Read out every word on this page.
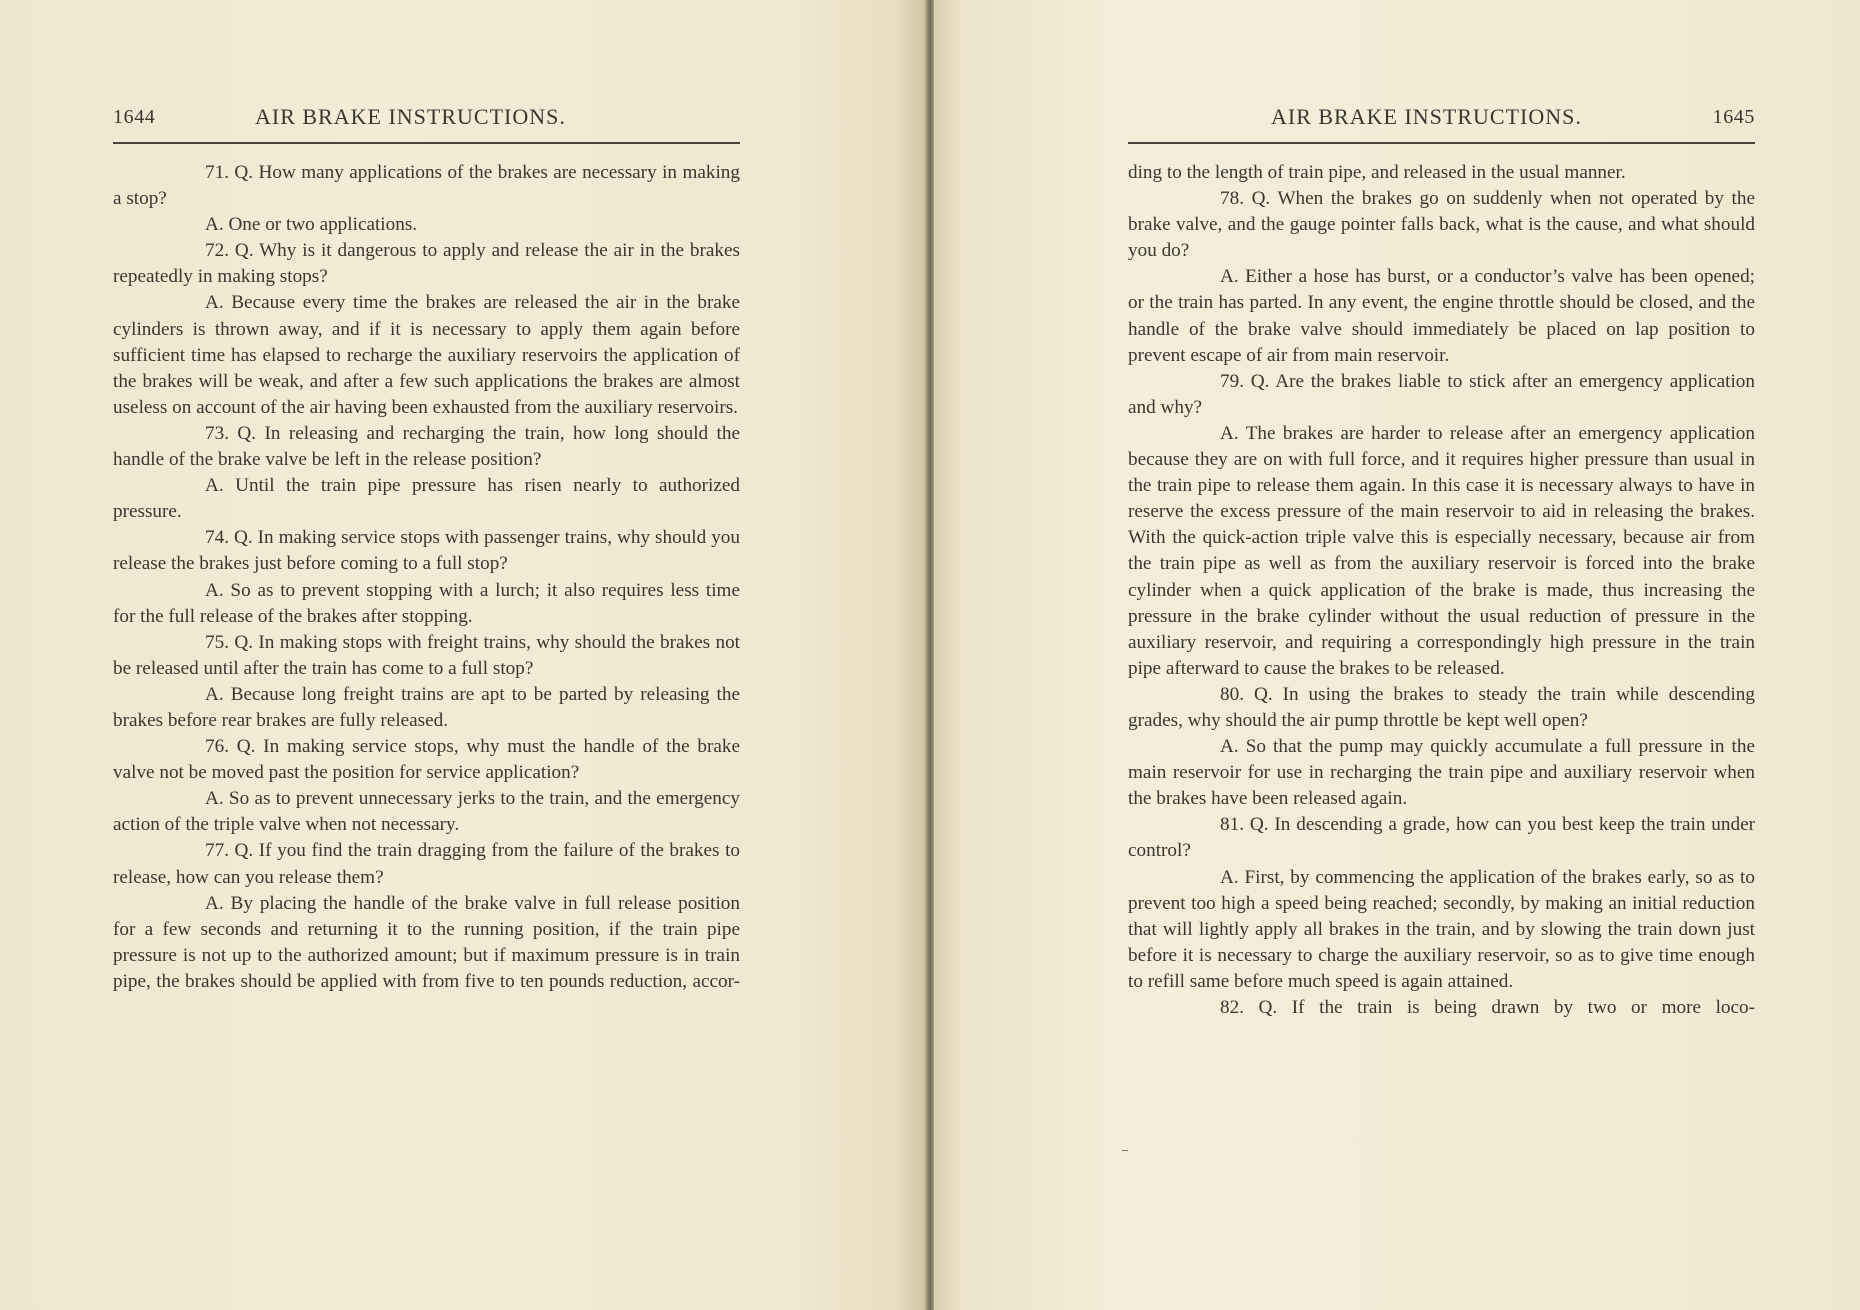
1644	AIR BRAKE INSTRUCTIONS.

71. Q. How many applications of the brakes are necessary in making a stop?

A. One or two applications.

72. Q. Why is it dangerous to apply and release the air in the brakes repeatedly in making stops?

A. Because every time the brakes are released the air in the brake cylinders is thrown away, and if it is necessary to apply them again before sufficient time has elapsed to recharge the auxiliary reservoirs the application of the brakes will be weak, and after a few such applications the brakes are almost useless on account of the air having been exhausted from the auxiliary reservoirs.

73. Q. In releasing and recharging the train, how long should the handle of the brake valve be left in the release position?

A. Until the train pipe pressure has risen nearly to authorized pressure.

74. Q. In making service stops with passenger trains, why should you release the brakes just before coming to a full stop?

A. So as to prevent stopping with a lurch; it also requires less time for the full release of the brakes after stopping.

75. Q. In making stops with freight trains, why should the brakes not be released until after the train has come to a full stop?

A. Because long freight trains are apt to be parted by releasing the brakes before rear brakes are fully released.

76. Q. In making service stops, why must the handle of the brake valve not be moved past the position for service application?

A. So as to prevent unnecessary jerks to the train, and the emergency action of the triple valve when not necessary.

77. Q. If you find the train dragging from the failure of the brakes to release, how can you release them?

A. By placing the handle of the brake valve in full release position for a few seconds and returning it to the running position, if the train pipe pressure is not up to the authorized amount; but if maximum pressure is in train pipe, the brakes should be applied with from five to ten pounds reduction, accor-

AIR BRAKE INSTRUCTIONS.	1645

ding to the length of train pipe, and released in the usual manner.

78. Q. When the brakes go on suddenly when not operated by the brake valve, and the gauge pointer falls back, what is the cause, and what should you do?

A. Either a hose has burst, or a conductor’s valve has been opened; or the train has parted. In any event, the engine throttle should be closed, and the handle of the brake valve should immediately be placed on lap position to prevent escape of air from main reservoir.

79. Q. Are the brakes liable to stick after an emergency application and why?

A. The brakes are harder to release after an emergency application because they are on with full force, and it requires higher pressure than usual in the train pipe to release them again. In this case it is necessary always to have in reserve the excess pressure of the main reservoir to aid in releasing the brakes. With the quick-action triple valve this is especially necessary, because air from the train pipe as well as from the auxiliary reservoir is forced into the brake cylinder when a quick application of the brake is made, thus increasing the pressure in the brake cylinder without the usual reduction of pressure in the auxiliary reservoir, and requiring a correspondingly high pressure in the train pipe afterward to cause the brakes to be released.

80. Q. In using the brakes to steady the train while descending grades, why should the air pump throttle be kept well open?

A. So that the pump may quickly accumulate a full pressure in the main reservoir for use in recharging the train pipe and auxiliary reservoir when the brakes have been released again.

81. Q. In descending a grade, how can you best keep the train under control?

A. First, by commencing the application of the brakes early, so as to prevent too high a speed being reached; secondly, by making an initial reduction that will lightly apply all brakes in the train, and by slowing the train down just before it is necessary to charge the auxiliary reservoir, so as to give time enough to refill same before much speed is again attained.

82. Q. If the train is being drawn by two or more loco-
